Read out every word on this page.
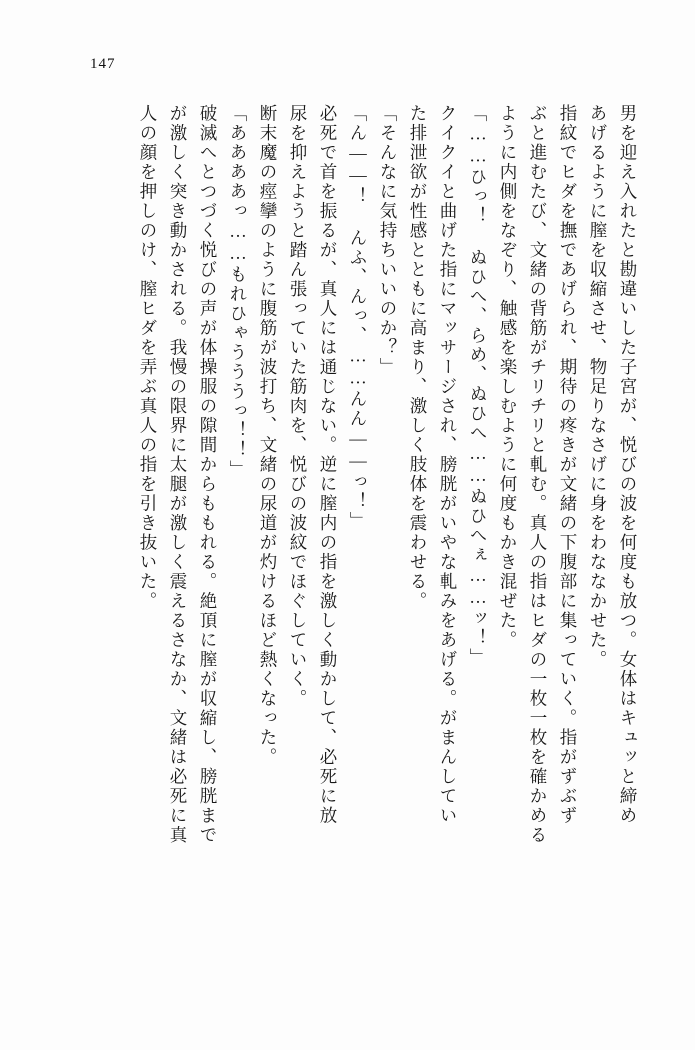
147
男を迎え入れたと勘違いした子宮が、悦びの波を何度も放つ。女体はキュッと締め
あげるように膣を収縮させ、物足りなさげに身をわななかせた。
指紋でヒダを撫であげられ、期待の疼きが文緒の下腹部に集っていく。指がずぶず
ぶと進むたび、文緒の背筋がチリチリと軋む。真人の指はヒダの一枚一枚を確かめる
ように内側をなぞり、触感を楽しむように何度もかき混ぜた。
「……ひっ！ ぬひへ、らめ、ぬひへ……ぬひへぇ……ッ！」
クイクイと曲げた指にマッサージされ、膀胱がいやな軋みをあげる。がまんしてい
た排泄欲が性感とともに高まり、激しく肢体を震わせる。
「そんなに気持ちいいのか？」
「ん――！ んふ、んっ、……んん――っ！」
必死で首を振るが、真人には通じない。逆に膣内の指を激しく動かして、必死に放
尿を抑えようと踏ん張っていた筋肉を、悦びの波紋でほぐしていく。
断末魔の痙攣のように腹筋が波打ち、文緒の尿道が灼けるほど熱くなった。
「ああああっ……もれひゃうううっ！！」
破滅へとつづく悦びの声が体操服の隙間からももれる。絶頂に膣が収縮し、膀胱まで
が激しく突き動かされる。我慢の限界に太腿が激しく震えるさなか、文緒は必死に真
人の顔を押しのけ、膣ヒダを弄ぶ真人の指を引き抜いた。
